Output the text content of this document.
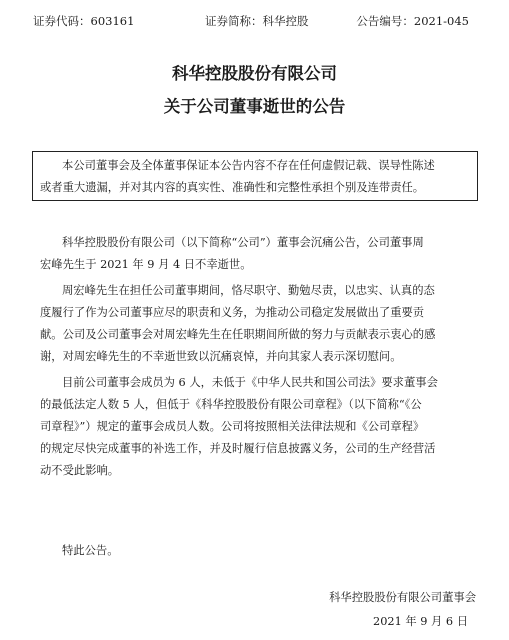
证券代码：603161	证券简称：科华控股	公告编号：2021-045
科华控股股份有限公司
关于公司董事逝世的公告

本公司董事会及全体董事保证本公告内容不存在任何虚假记载、误导性陈述

或者重大遗漏，并对其内容的真实性、准确性和完整性承担个别及连带责任。

科华控股股份有限公司（以下简称“公司”）董事会沉痛公告，公司董事周
宏峰先生于 2021 年 9 月 4 日不幸逝世。
周宏峰先生在担任公司董事期间，恪尽职守、勤勉尽责，以忠实、认真的态
度履行了作为公司董事应尽的职责和义务，为推动公司稳定发展做出了重要贡
献。公司及公司董事会对周宏峰先生在任职期间所做的努力与贡献表示衷心的感
谢，对周宏峰先生的不幸逝世致以沉痛哀悼，并向其家人表示深切慰问。
目前公司董事会成员为 6 人，未低于《中华人民共和国公司法》要求董事会
的最低法定人数 5 人，但低于《科华控股股份有限公司章程》（以下简称“《公
司章程》”）规定的董事会成员人数。公司将按照相关法律法规和《公司章程》
的规定尽快完成董事的补选工作，并及时履行信息披露义务，公司的生产经营活
动不受此影响。
特此公告。
科华控股股份有限公司董事会
2021 年 9 月 6 日
